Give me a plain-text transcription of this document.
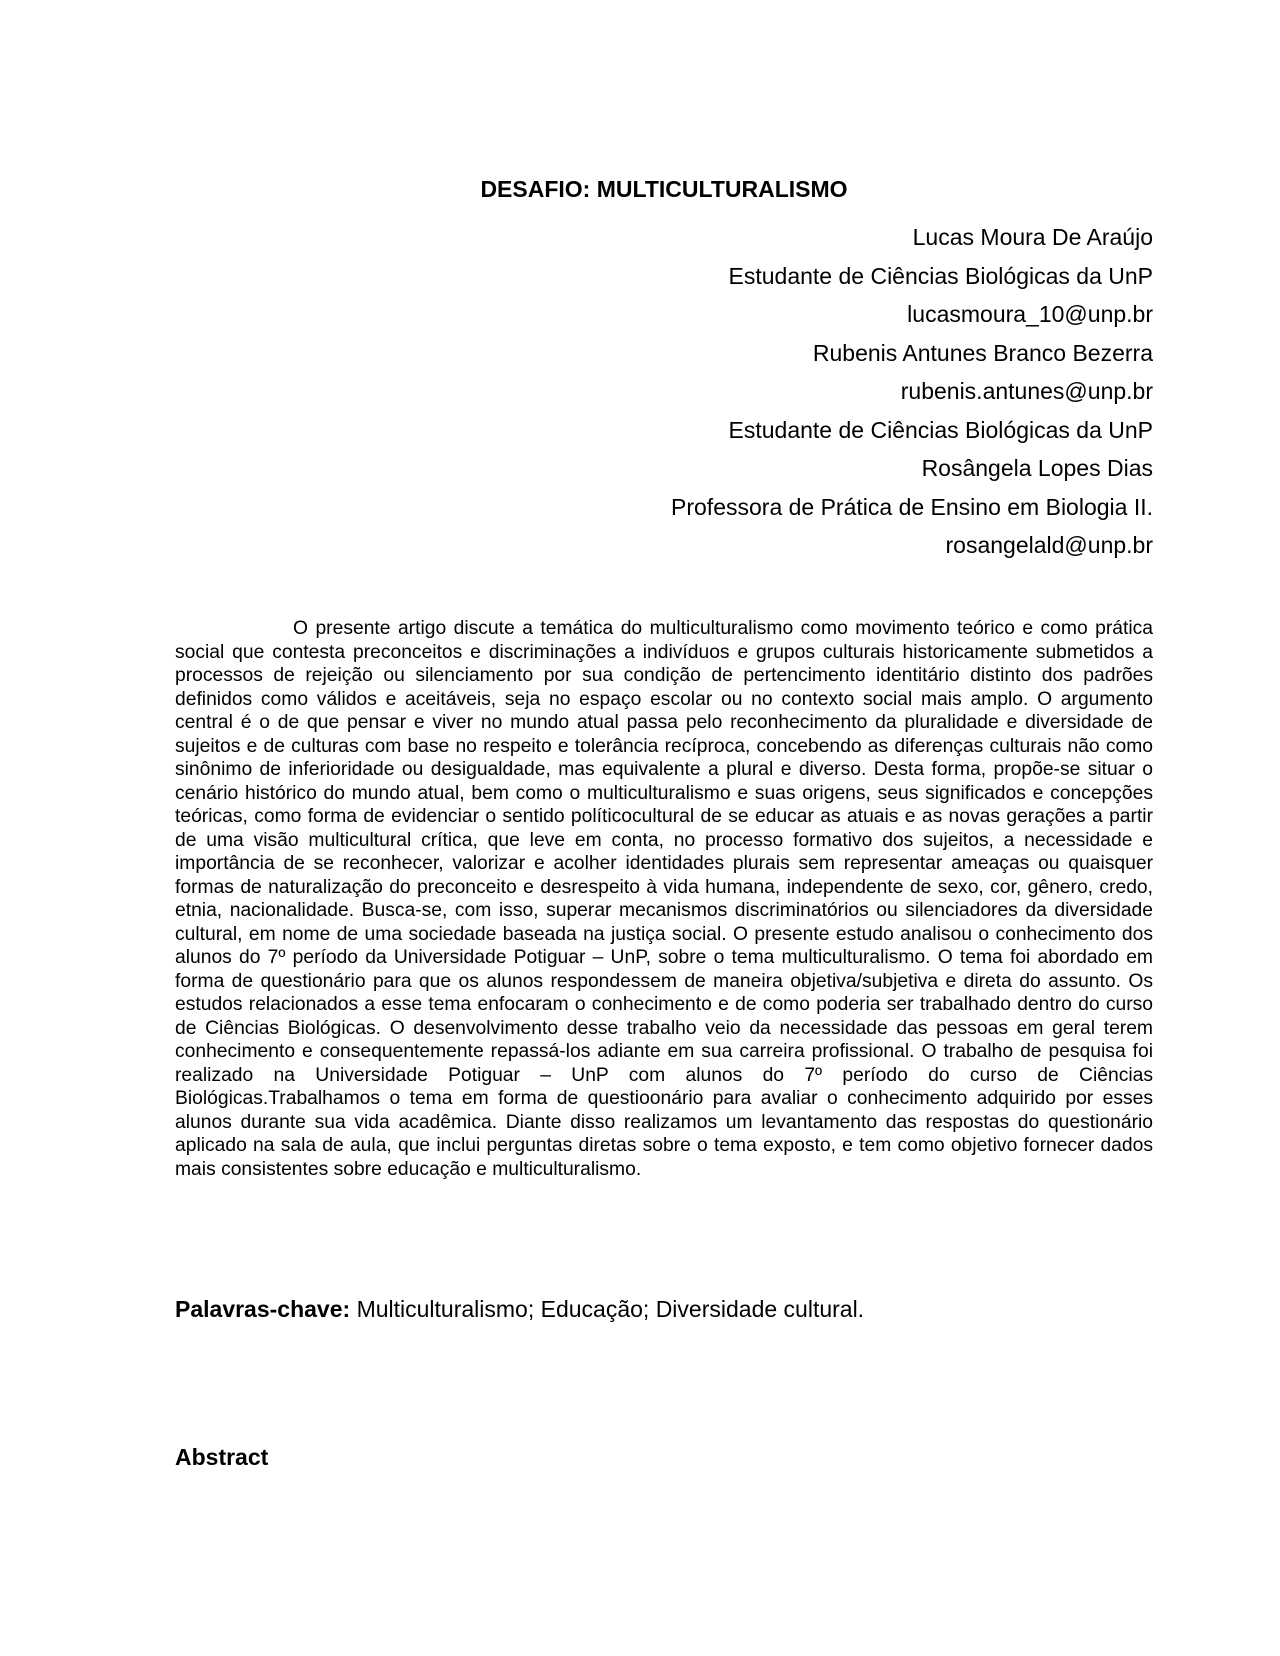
DESAFIO: MULTICULTURALISMO
Lucas Moura De Araújo
Estudante de Ciências Biológicas da UnP
lucasmoura_10@unp.br
Rubenis Antunes Branco Bezerra
rubenis.antunes@unp.br
Estudante de Ciências Biológicas da UnP
Rosângela Lopes Dias
Professora de Prática de Ensino em Biologia II.
rosangelald@unp.br

O presente artigo discute a temática do multiculturalismo como movimento teórico e como prática social que contesta preconceitos e discriminações a indivíduos e grupos culturais historicamente submetidos a processos de rejeição ou silenciamento por sua condição de pertencimento identitário distinto dos padrões definidos como válidos e aceitáveis, seja no espaço escolar ou no contexto social mais amplo. O argumento central é o de que pensar e viver no mundo atual passa pelo reconhecimento da pluralidade e diversidade de sujeitos e de culturas com base no respeito e tolerância recíproca, concebendo as diferenças culturais não como sinônimo de inferioridade ou desigualdade, mas equivalente a plural e diverso. Desta forma, propõe-se situar o cenário histórico do mundo atual, bem como o multiculturalismo e suas origens, seus significados e concepções teóricas, como forma de evidenciar o sentido políticocultural de se educar as atuais e as novas gerações a partir de uma visão multicultural crítica, que leve em conta, no processo formativo dos sujeitos, a necessidade e importância de se reconhecer, valorizar e acolher identidades plurais sem representar ameaças ou quaisquer formas de naturalização do preconceito e desrespeito à vida humana, independente de sexo, cor, gênero, credo, etnia, nacionalidade. Busca-se, com isso, superar mecanismos discriminatórios ou silenciadores da diversidade cultural, em nome de uma sociedade baseada na justiça social. O presente estudo analisou o conhecimento dos alunos do 7º período da Universidade Potiguar – UnP, sobre o tema multiculturalismo. O tema foi abordado em forma de questionário para que os alunos respondessem de maneira objetiva/subjetiva e direta do assunto. Os estudos relacionados a esse tema enfocaram o conhecimento e de como poderia ser trabalhado dentro do curso de Ciências Biológicas. O desenvolvimento desse trabalho veio da necessidade das pessoas em geral terem conhecimento e consequentemente repassá-los adiante em sua carreira profissional. O trabalho de pesquisa foi realizado na Universidade Potiguar – UnP com alunos do 7º período do curso de Ciências Biológicas.Trabalhamos o tema em forma de questioonário para avaliar o conhecimento adquirido por esses alunos durante sua vida acadêmica. Diante disso realizamos um levantamento das respostas do questionário aplicado na sala de aula, que inclui perguntas diretas sobre o tema exposto, e tem como objetivo fornecer dados mais consistentes sobre educação e multiculturalismo.

Palavras-chave: Multiculturalismo; Educação; Diversidade cultural.

Abstract
